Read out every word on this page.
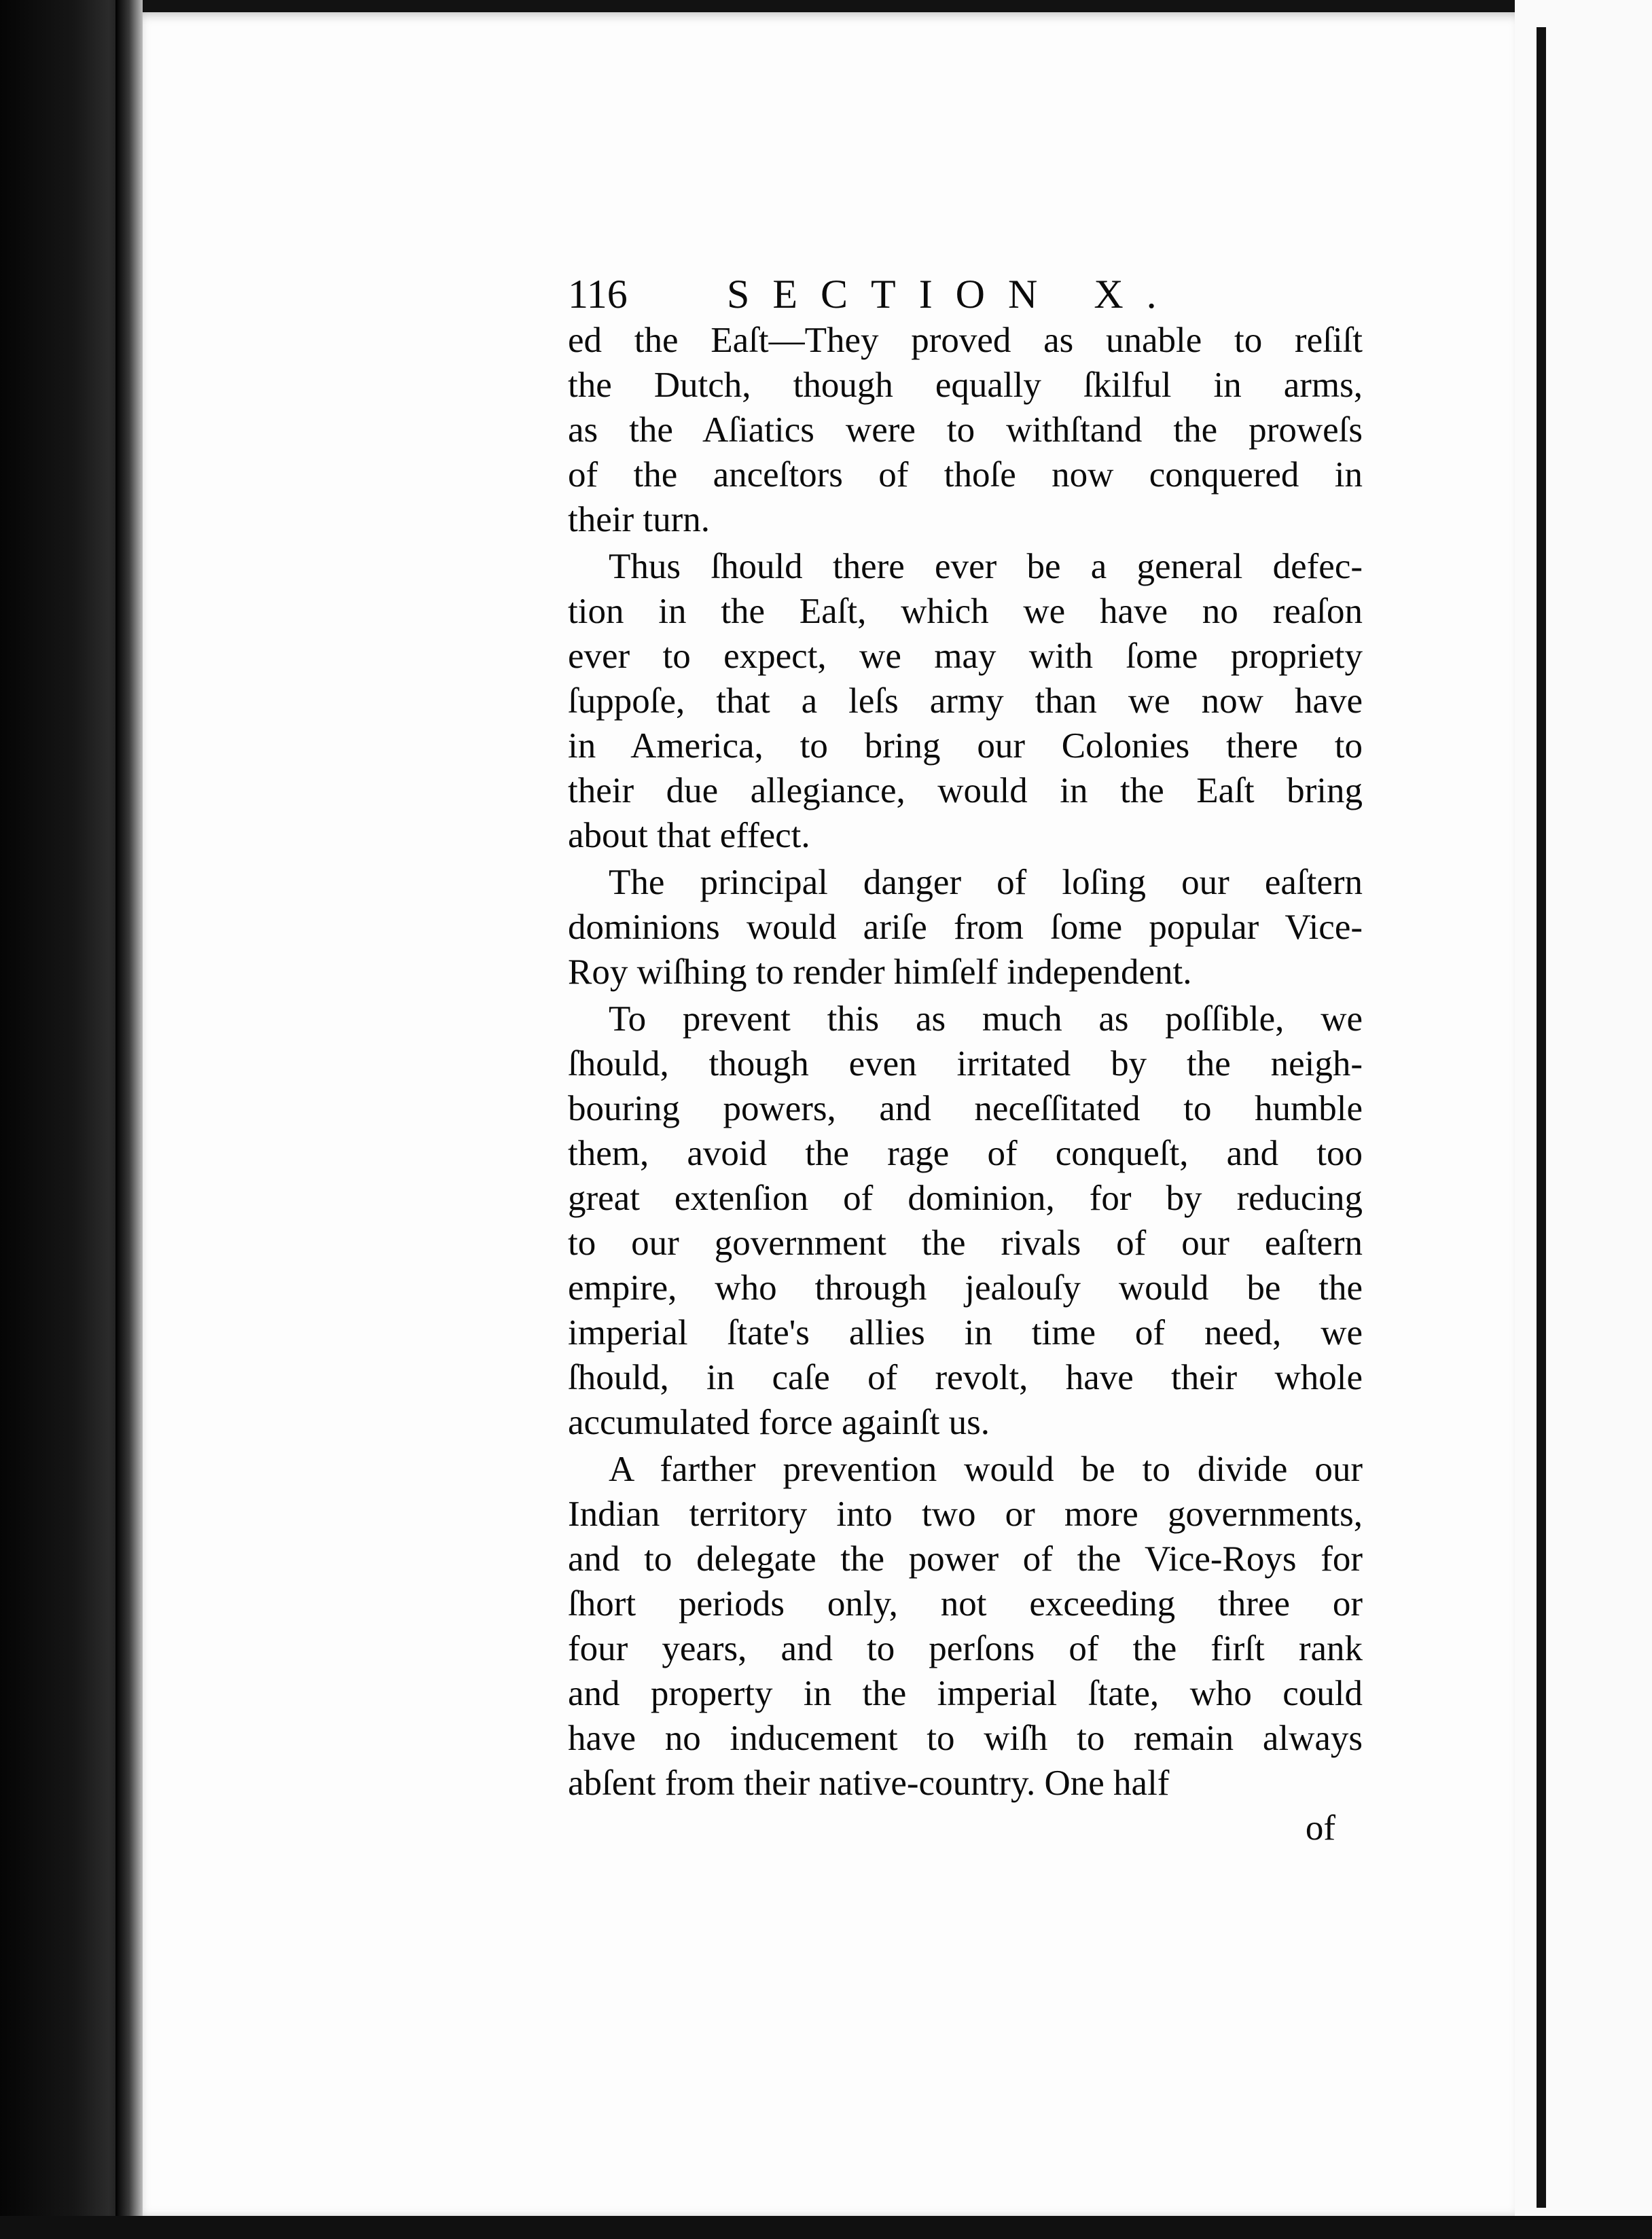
116 SECTION X.
ed the Eaſt—They proved as unable to reſiſt
the Dutch, though equally ſkilful in arms,
as the Aſiatics were to withſtand the proweſs
of the anceſtors of thoſe now conquered in
their turn.
Thus ſhould there ever be a general defec-
tion in the Eaſt, which we have no reaſon
ever to expect, we may with ſome propriety
ſuppoſe, that a leſs army than we now have
in America, to bring our Colonies there to
their due allegiance, would in the Eaſt bring
about that effect.
The principal danger of loſing our eaſtern
dominions would ariſe from ſome popular Vice-
Roy wiſhing to render himſelf independent.
To prevent this as much as poſſible, we
ſhould, though even irritated by the neigh-
bouring powers, and neceſſitated to humble
them, avoid the rage of conqueſt, and too
great extenſion of dominion, for by reducing
to our government the rivals of our eaſtern
empire, who through jealouſy would be the
imperial ſtate's allies in time of need, we
ſhould, in caſe of revolt, have their whole
accumulated force againſt us.
A farther prevention would be to divide our
Indian territory into two or more governments,
and to delegate the power of the Vice-Roys for
ſhort periods only, not exceeding three or
four years, and to perſons of the firſt rank
and property in the imperial ſtate, who could
have no inducement to wiſh to remain always
abſent from their native-country. One half
of
